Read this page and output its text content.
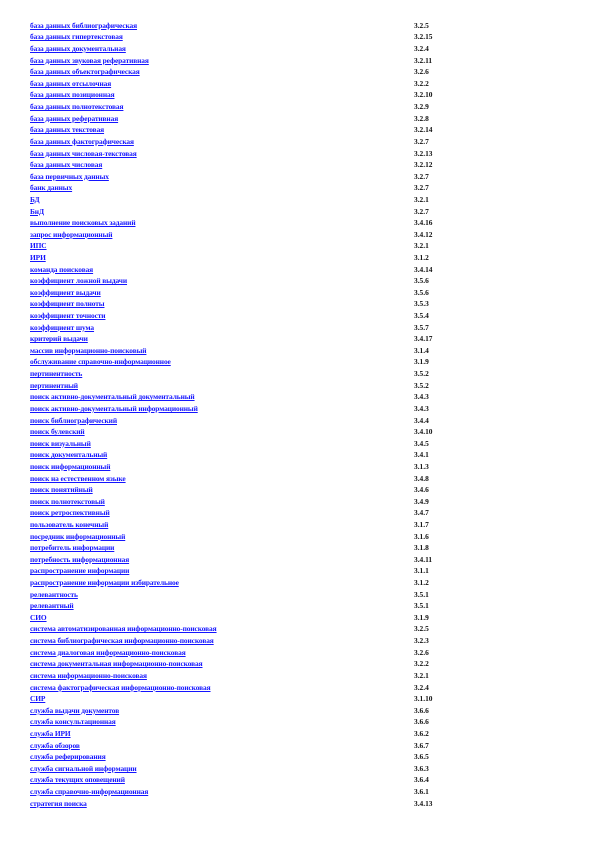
база данных библиографическая	3.2.5
база данных гипертекстовая	3.2.15
база данных документальная	3.2.4
база данных звуковая реферативная	3.2.11
база данных объектографическая	3.2.6
база данных отсылочная	3.2.2
база данных позиционная	3.2.10
база данных полнотекстовая	3.2.9
база данных реферативная	3.2.8
база данных текстовая	3.2.14
база данных фактографическая	3.2.7
база данных числовая-текстовая	3.2.13
база данных числовая	3.2.12
база первичных данных	3.2.7
банк данных	3.2.7
БД	3.2.1
БнД	3.2.7
выполнение поисковых заданий	3.4.16
запрос информационный	3.4.12
ИПС	3.2.1
ИРИ	3.1.2
команда поисковая	3.4.14
коэффициент ложной выдачи	3.5.6
коэффициент выдачи	3.5.6
коэффициент полноты	3.5.3
коэффициент точности	3.5.4
коэффициент шума	3.5.7
критерий выдачи	3.4.17
массив информационно-поисковый	3.1.4
обслуживание справочно-информационное	3.1.9
пертинентность	3.5.2
пертинентный	3.5.2
поиск активно-документальный документальный	3.4.3
поиск активно-документальный информационный	3.4.3
поиск библиографический	3.4.4
поиск булевский	3.4.10
поиск визуальный	3.4.5
поиск документальный	3.4.1
поиск информационный	3.1.3
поиск на естественном языке	3.4.8
поиск понятийный	3.4.6
поиск полнотекстовый	3.4.9
поиск ретроспективный	3.4.7
пользователь конечный	3.1.7
посредник информационный	3.1.6
потребитель информации	3.1.8
потребность информационная	3.4.11
распространение информации	3.1.1
распространение информации избирательное	3.1.2
релевантность	3.5.1
релевантный	3.5.1
СИО	3.1.9
система автоматизированная информационно-поисковая	3.2.5
система библиографическая информационно-поисковая	3.2.3
система диалоговая информационно-поисковая	3.2.6
система документальная информационно-поисковая	3.2.2
система информационно-поисковая	3.2.1
система фактографическая информационно-поисковая	3.2.4
СИР	3.1.10
служба выдачи документов	3.6.6
служба консультационная	3.6.6
служба ИРИ	3.6.2
служба обзоров	3.6.7
служба реферирования	3.6.5
служба сигнальной информации	3.6.3
служба текущих оповещений	3.6.4
служба справочно-информационная	3.6.1
стратегия поиска	3.4.13
